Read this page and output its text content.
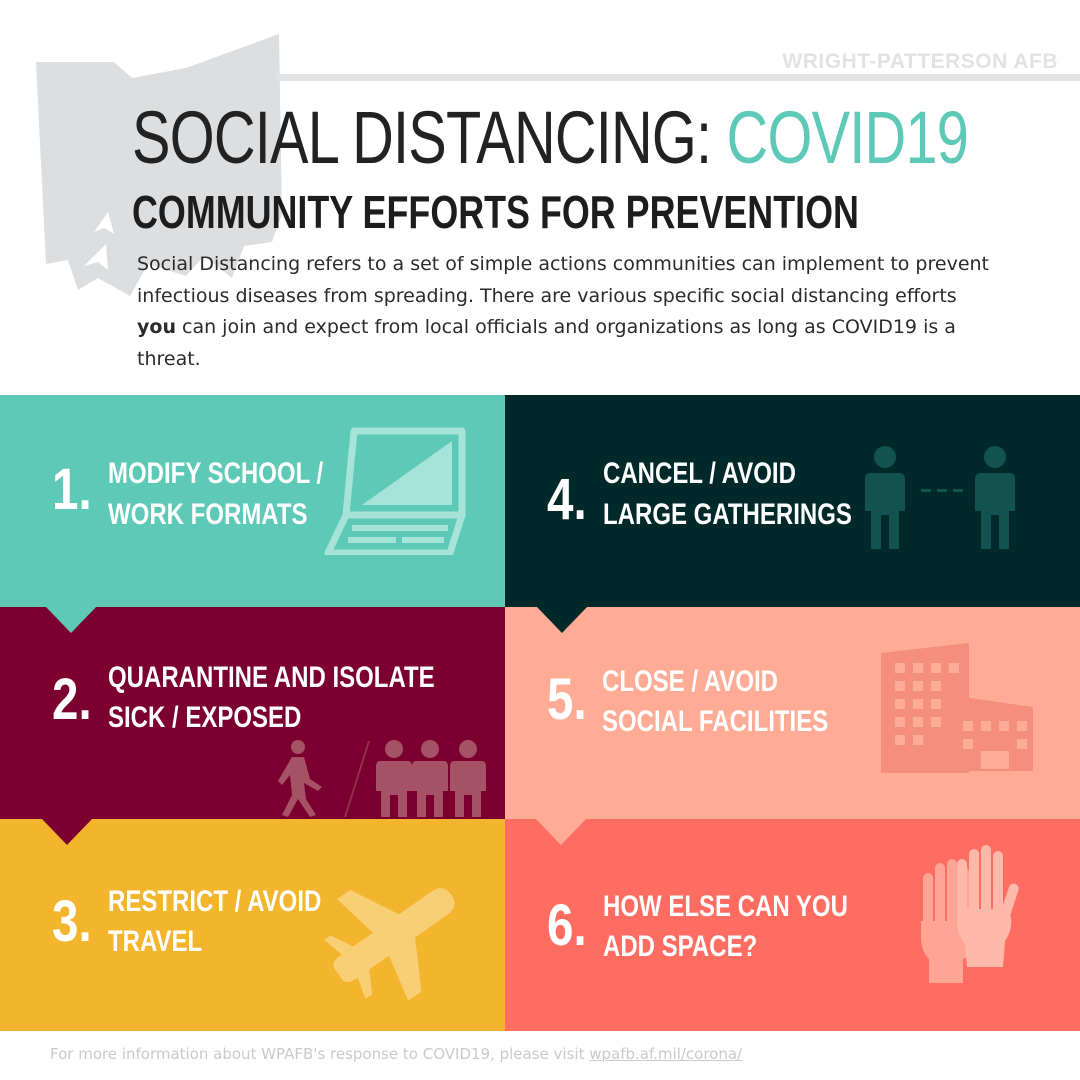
WRIGHT-PATTERSON AFB
SOCIAL DISTANCING: COVID19
COMMUNITY EFFORTS FOR PREVENTION
Social Distancing refers to a set of simple actions communities can implement to prevent infectious diseases from spreading. There are various specific social distancing efforts you can join and expect from local officials and organizations as long as COVID19 is a threat.
1. MODIFY SCHOOL /
WORK FORMATS
2. QUARANTINE AND ISOLATE
SICK / EXPOSED
3. RESTRICT / AVOID
TRAVEL
4. CANCEL / AVOID
LARGE GATHERINGS
5. CLOSE / AVOID
SOCIAL FACILITIES
6. HOW ELSE CAN YOU
ADD SPACE?
For more information about WPAFB's response to COVID19, please visit wpafb.af.mil/corona/
